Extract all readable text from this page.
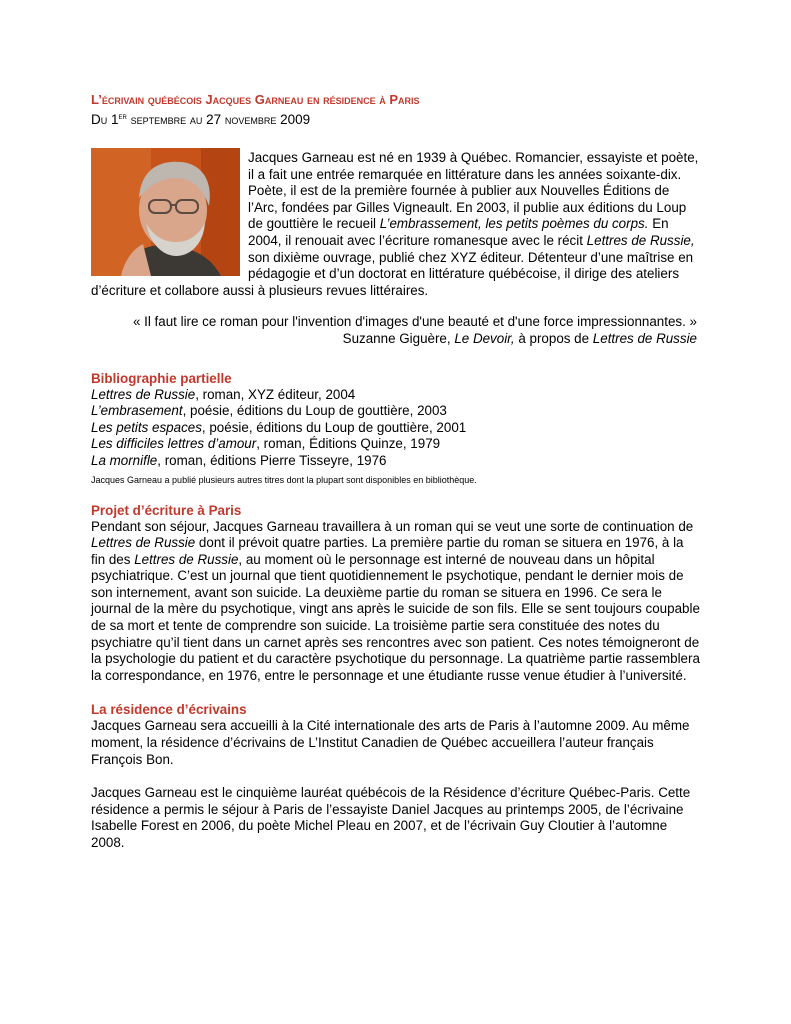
L’écrivain québécois Jacques Garneau en résidence à Paris

Du 1er septembre au 27 novembre 2009

Jacques Garneau est né en 1939 à Québec. Romancier, essayiste et poète, il a fait une entrée remarquée en littérature dans les années soixante-dix. Poète, il est de la première fournée à publier aux Nouvelles Éditions de l’Arc, fondées par Gilles Vigneault. En 2003, il publie aux éditions du Loup de gouttière le recueil L’embrassement, les petits poèmes du corps. En 2004, il renouait avec l’écriture romanesque avec le récit Lettres de Russie, son dixième ouvrage, publié chez XYZ éditeur. Détenteur d’une maîtrise en pédagogie et d’un doctorat en littérature québécoise, il dirige des ateliers d’écriture et collabore aussi à plusieurs revues littéraires.

« Il faut lire ce roman pour l'invention d'images d'une beauté et d'une force impressionnantes. »
Suzanne Giguère, Le Devoir, à propos de Lettres de Russie

Bibliographie partielle

Lettres de Russie, roman, XYZ éditeur, 2004

L’embrasement, poésie, éditions du Loup de gouttière, 2003

Les petits espaces, poésie, éditions du Loup de gouttière, 2001

Les difficiles lettres d’amour, roman, Éditions Quinze, 1979

La mornifle, roman, éditions Pierre Tisseyre, 1976

Jacques Garneau a publié plusieurs autres titres dont la plupart sont disponibles en bibliothèque.

Projet d’écriture à Paris

Pendant son séjour, Jacques Garneau travaillera à un roman qui se veut une sorte de continuation de Lettres de Russie dont il prévoit quatre parties. La première partie du roman se situera en 1976, à la fin des Lettres de Russie, au moment où le personnage est interné de nouveau dans un hôpital psychiatrique. C’est un journal que tient quotidiennement le psychotique, pendant le dernier mois de son internement, avant son suicide. La deuxième partie du roman se situera en 1996. Ce sera le journal de la mère du psychotique, vingt ans après le suicide de son fils. Elle se sent toujours coupable de sa mort et tente de comprendre son suicide. La troisième partie sera constituée des notes du psychiatre qu’il tient dans un carnet après ses rencontres avec son patient. Ces notes témoigneront de la psychologie du patient et du caractère psychotique du personnage. La quatrième partie rassemblera la correspondance, en 1976, entre le personnage et une étudiante russe venue étudier à l’université.

La résidence d’écrivains

Jacques Garneau sera accueilli à la Cité internationale des arts de Paris à l’automne 2009. Au même moment, la résidence d’écrivains de L’Institut Canadien de Québec accueillera l’auteur français François Bon.

Jacques Garneau est le cinquième lauréat québécois de la Résidence d’écriture Québec-Paris. Cette résidence a permis le séjour à Paris de l’essayiste Daniel Jacques au printemps 2005, de l’écrivaine Isabelle Forest en 2006, du poète Michel Pleau en 2007, et de l’écrivain Guy Cloutier à l’automne 2008.
